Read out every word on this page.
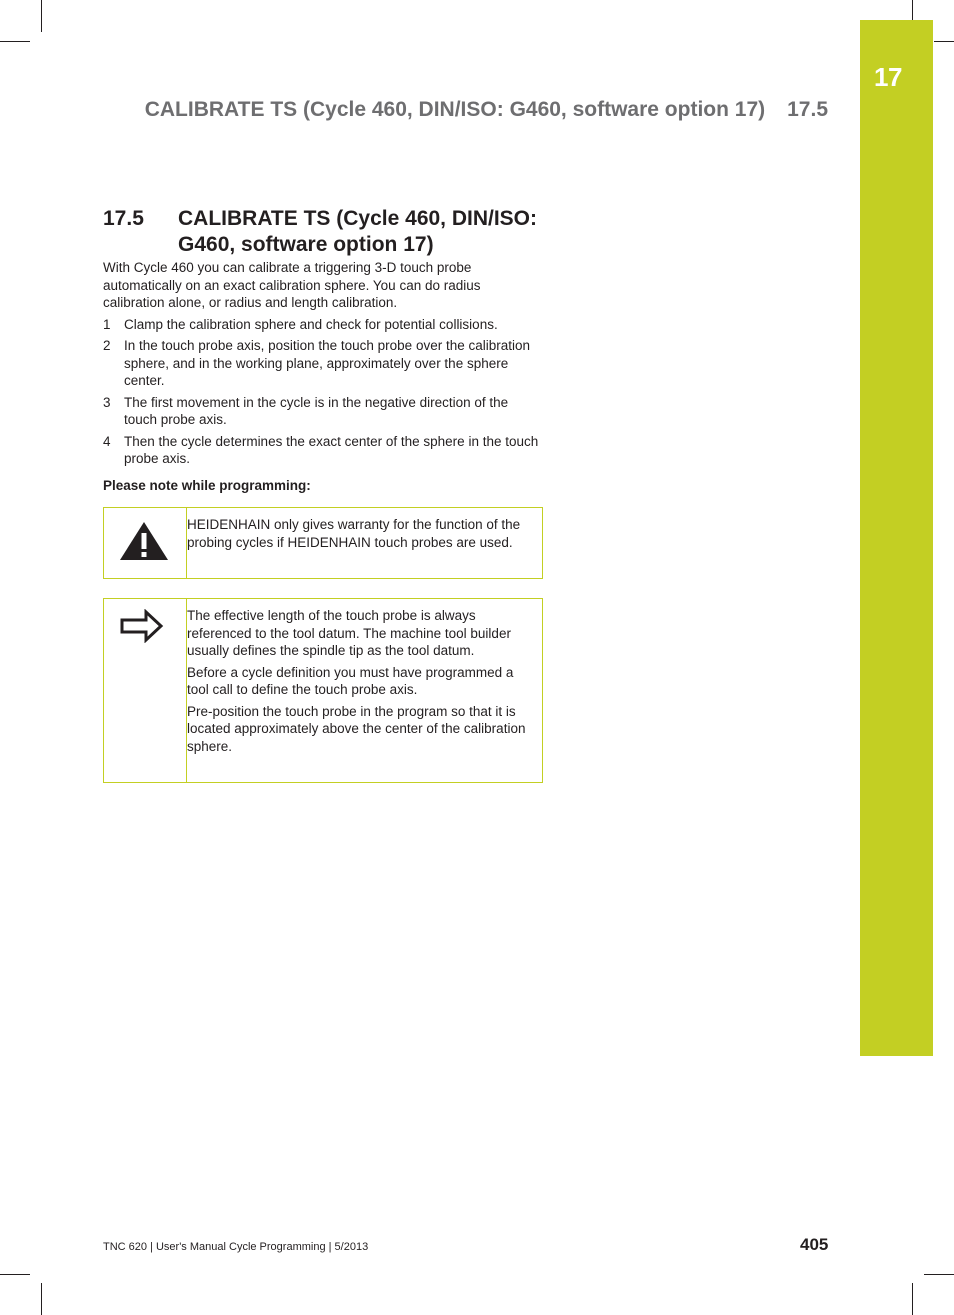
17
CALIBRATE TS (Cycle 460, DIN/ISO: G460, software option 17) 17.5
17.5 CALIBRATE TS (Cycle 460, DIN/ISO: G460, software option 17)

With Cycle 460 you can calibrate a triggering 3-D touch probe automatically on an exact calibration sphere. You can do radius calibration alone, or radius and length calibration.

1 Clamp the calibration sphere and check for potential collisions.
2 In the touch probe axis, position the touch probe over the calibration sphere, and in the working plane, approximately over the sphere center.
3 The first movement in the cycle is in the negative direction of the touch probe axis.
4 Then the cycle determines the exact center of the sphere in the touch probe axis.
Please note while programming:

HEIDENHAIN only gives warranty for the function of the probing cycles if HEIDENHAIN touch probes are used.

The effective length of the touch probe is always referenced to the tool datum. The machine tool builder usually defines the spindle tip as the tool datum.

Before a cycle definition you must have programmed a tool call to define the touch probe axis.

Pre-position the touch probe in the program so that it is located approximately above the center of the calibration sphere.

TNC 620 | User's Manual Cycle Programming | 5/2013	405
